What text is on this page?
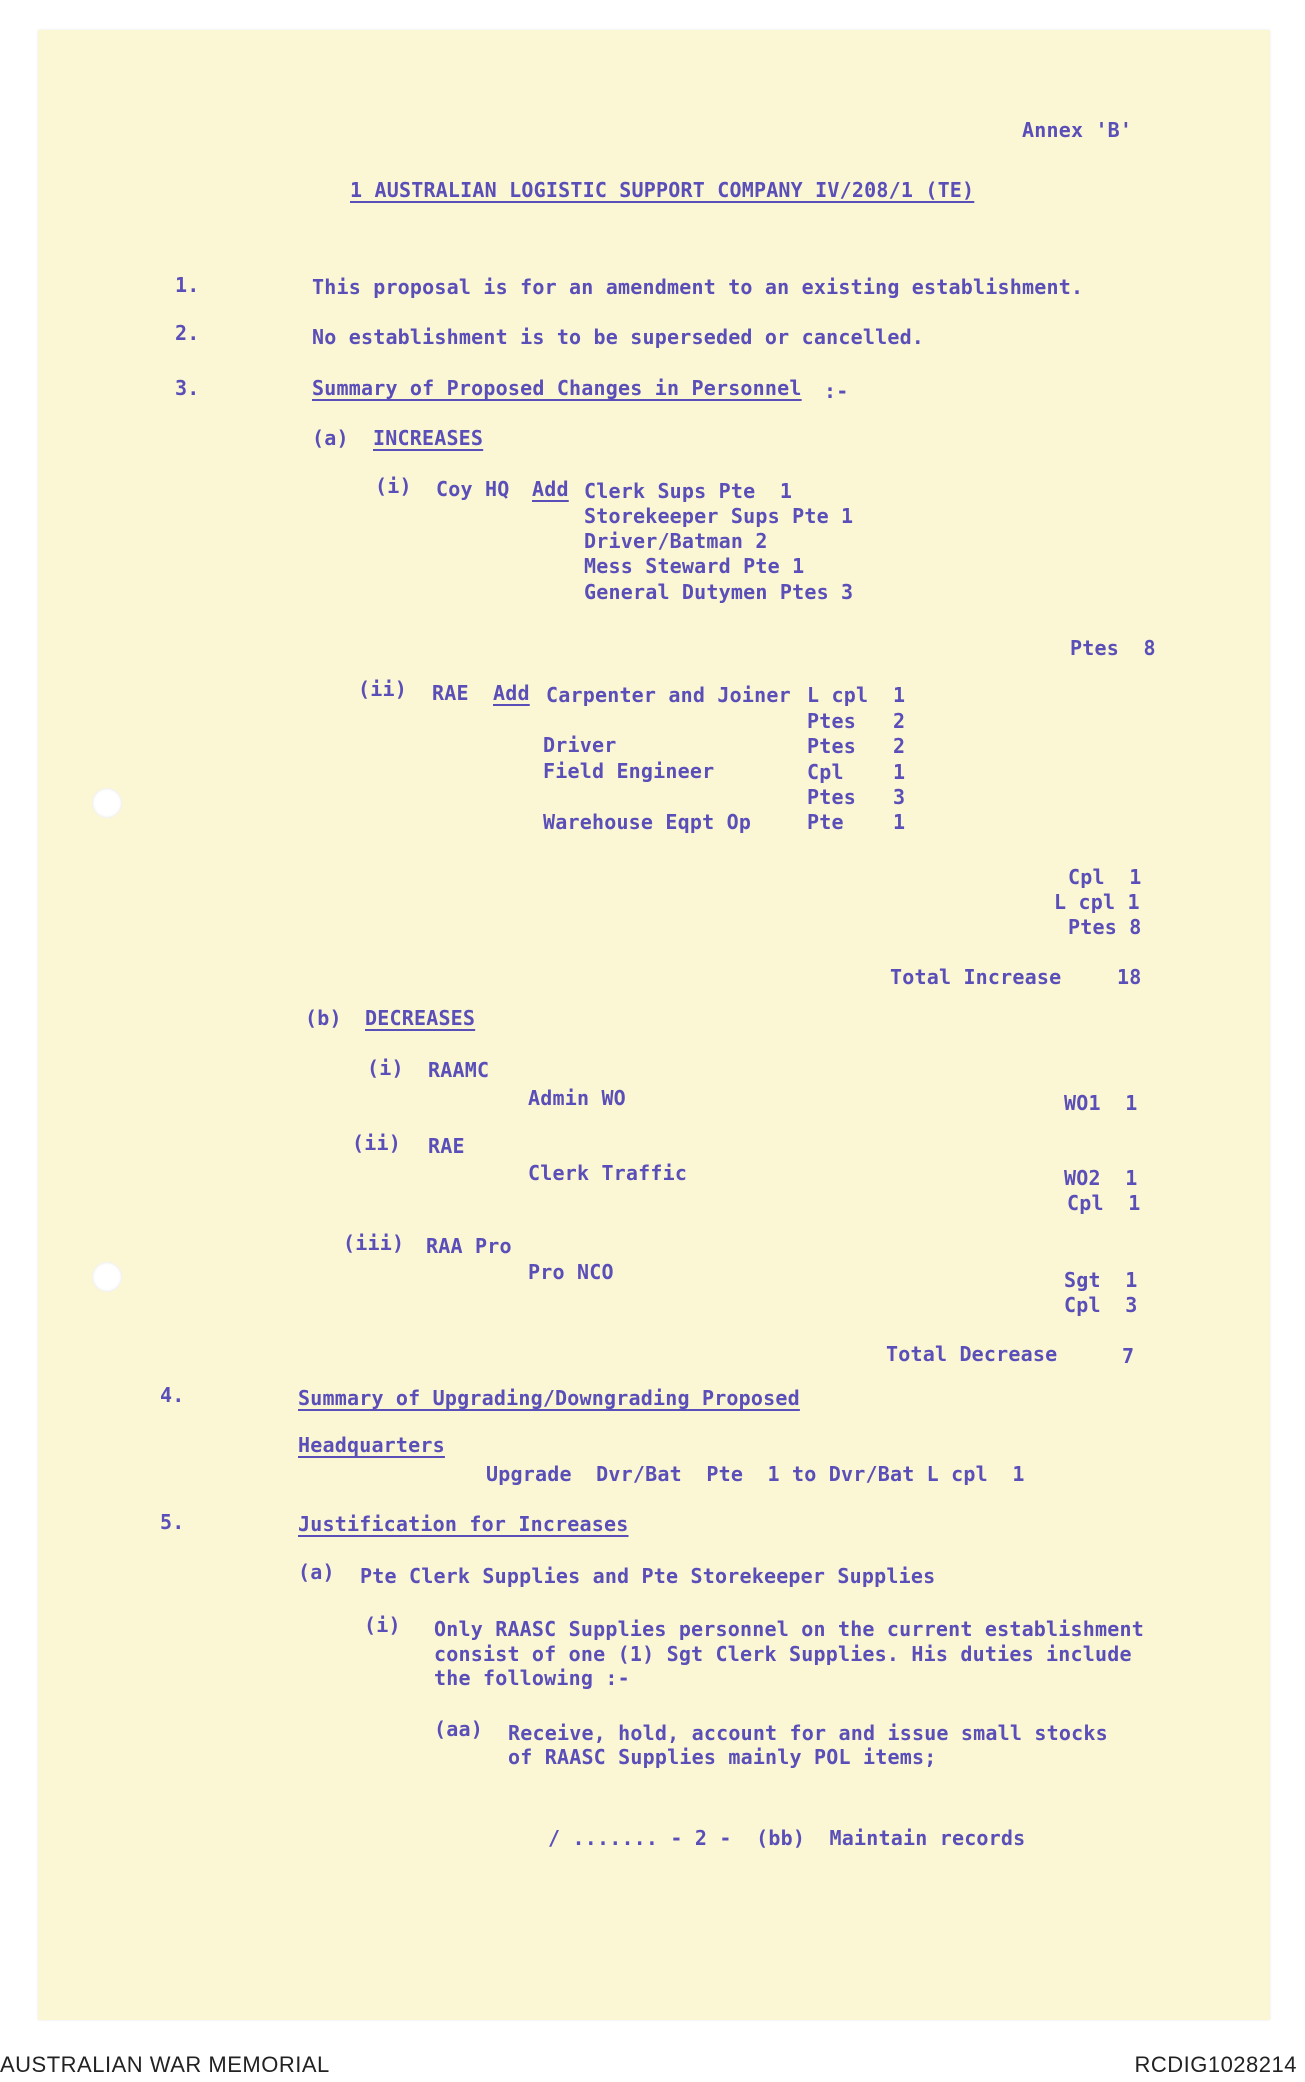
Annex 'B'
1 AUSTRALIAN LOGISTIC SUPPORT COMPANY IV/208/1 (TE)
1.	This proposal is for an amendment to an existing establishment.
2.	No establishment is to be superseded or cancelled.
3.	Summary of Proposed Changes in Personnel :-
(a) INCREASES
(i) Coy HQ Add Clerk Sups Pte  1
Storekeeper Sups Pte 1
Driver/Batman 2
Mess Steward Pte 1
General Dutymen Ptes 3
Ptes  8
(ii) RAE Add Carpenter and Joiner L cpl 1
Ptes 2
Driver	Ptes 2
Field Engineer	Cpl 1
Ptes 3
Warehouse Eqpt Op	Pte 1
Cpl  1
L cpl 1
Ptes 8
Total Increase	18
(b) DECREASES
(i) RAAMC
Admin WO	WO1  1
(ii) RAE
Clerk Traffic	WO2  1
Cpl  1
(iii) RAA Pro
Pro NCO	Sgt  1
Cpl  3
Total Decrease	7
4.	Summary of Upgrading/Downgrading Proposed
Headquarters
Upgrade  Dvr/Bat  Pte  1 to Dvr/Bat L cpl  1
5.	Justification for Increases
(a) Pte Clerk Supplies and Pte Storekeeper Supplies
(i) Only RAASC Supplies personnel on the current establishment
consist of one (1) Sgt Clerk Supplies. His duties include
the following :-
(aa) Receive, hold, account for and issue small stocks
of RAASC Supplies mainly POL items;
/ ....... - 2 -  (bb)  Maintain records
AUSTRALIAN WAR MEMORIAL	RCDIG1028214
